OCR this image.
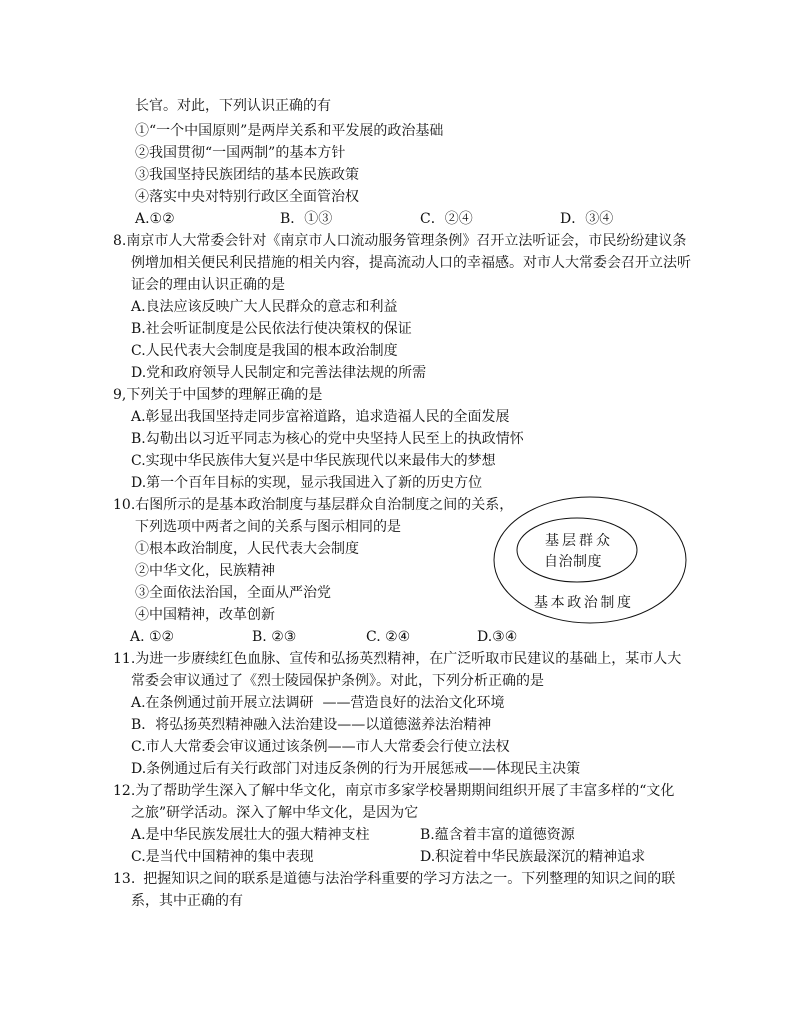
长官。对此，下列认识正确的有
①“一个中国原则”是两岸关系和平发展的政治基础
②我国贯彻“一国两制”的基本方针
③我国坚持民族团结的基本民族政策
④落实中央对特别行政区全面管治权

A.①②

	B．①③

	C．②④

	D．③④

8.南京市人大常委会针对《南京市人口流动服务管理条例》召开立法听证会，市民纷纷建议条
例增加相关便民利民措施的相关内容，提高流动人口的幸福感。对市人大常委会召开立法听
证会的理由认识正确的是
A.良法应该反映广大人民群众的意志和利益
B.社会听证制度是公民依法行使决策权的保证
C.人民代表大会制度是我国的根本政治制度
D.党和政府领导人民制定和完善法律法规的所需
9,下列关于中国梦的理解正确的是
A.彰显出我国坚持走同步富裕道路，追求造福人民的全面发展
B.勾勒出以习近平同志为核心的党中央坚持人民至上的执政情怀
C.实现中华民族伟大复兴是中华民族现代以来最伟大的梦想
D.第一个百年目标的实现，显示我国进入了新的历史方位
10.右图所示的是基本政治制度与基层群众自治制度之间的关系，
下列选项中两者之间的关系与图示相同的是
①根本政治制度，人民代表大会制度
②中华文化，民族精神
③全面依法治国，全面从严治党
④中国精神，改革创新

A. ①②

	B. ②③

	C. ②④

	D.③④

11.为进一步赓续红色血脉、宣传和弘扬英烈精神，在广泛听取市民建议的基础上，某市人大
常委会审议通过了《烈士陵园保护条例》。对此，下列分析正确的是
A.在条例通过前开展立法调研  ——营造良好的法治文化环境
B．将弘扬英烈精神融入法治建设——以道德滋养法治精神
C.市人大常委会审议通过该条例——市人大常委会行使立法权
D.条例通过后有关行政部门对违反条例的行为开展惩戒——体现民主决策
12.为了帮助学生深入了解中华文化，南京市多家学校暑期期间组织开展了丰富多样的“文化
之旅”研学活动。深入了解中华文化，是因为它

A.是中华民族发展壮大的强大精神支柱

	B.蕴含着丰富的道德资源

C.是当代中国精神的集中表现

	D.积淀着中华民族最深沉的精神追求

13. 把握知识之间的联系是道德与法治学科重要的学习方法之一。下列整理的知识之间的联
系，其中正确的有
基层群众
自治制度
基本政治制度
